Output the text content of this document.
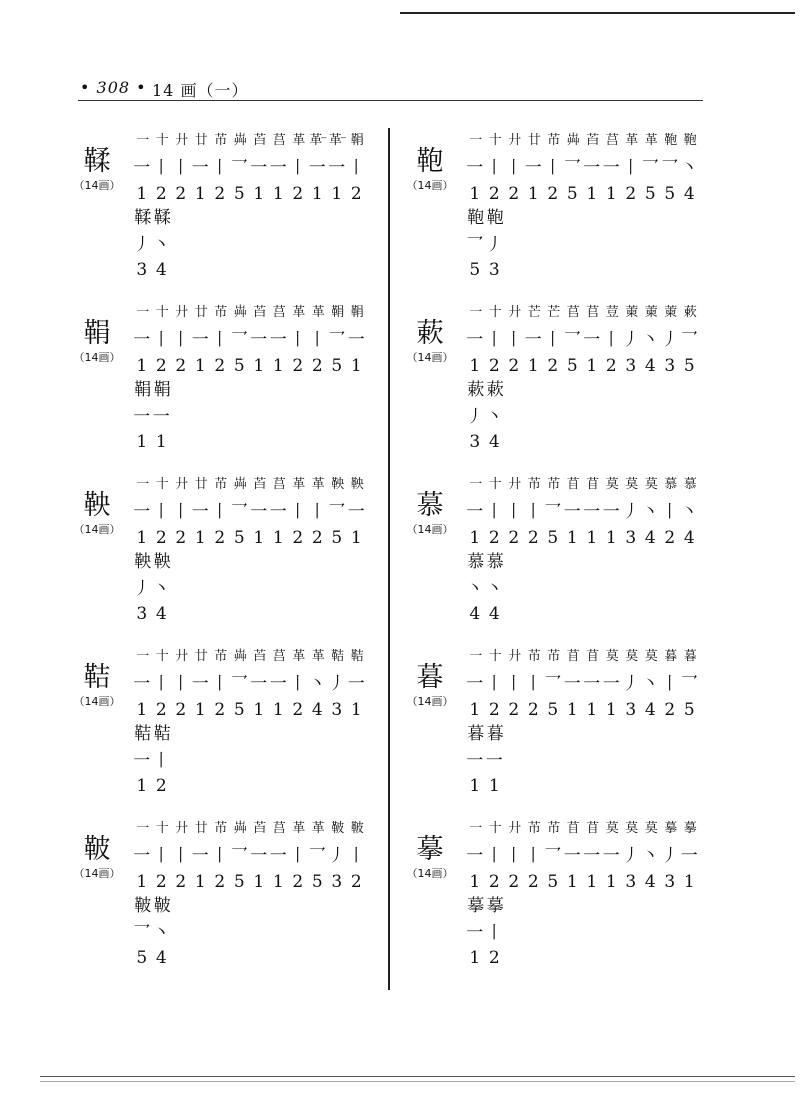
• 308 • 14 画（一）
鞣
（14画）
一 十 廾 廿 芇 芔 苩 莒 革 革⁻ 革⁻ 鞙
一 丨 丨 一 丨 乛 一 一 丨 一 一 丨
1 2 2 1 2 5 1 1 2 1 1 2
鞣 鞣
丿 丶
3 4
鞄
（14画）
一 十 廾 廿 芇 芔 苩 莒 革 革 鞄 鞄
一 丨 丨 一 丨 乛 一 一 丨 乛 乛 丶
1 2 2 1 2 5 1 1 2 5 5 4
鞄 鞄
乛 丿
5 3
鞙
（14画）
一 十 廾 廿 芇 芔 苩 莒 革 革 鞙 鞙
一 丨 丨 一 丨 乛 一 一 丨 丨 乛 一
1 2 2 1 2 5 1 1 2 2 5 1
鞙 鞙
一 一
1 1
蔌
（14画）
一 十 廾 芒 芒 苢 苢 荳 萰 萰 萰 蔌
一 丨 丨 一 丨 乛 一 丨 丿 丶 丿 乛
1 2 2 1 2 5 1 2 3 4 3 5
蔌 蔌
丿 丶
3 4
鞅
（14画）
一 十 廾 廿 芇 芔 苩 莒 革 革 鞅 鞅
一 丨 丨 一 丨 乛 一 一 丨 丨 乛 一
1 2 2 1 2 5 1 1 2 2 5 1
鞅 鞅
丿 丶
3 4
慕
（14画）
一 十 廾 芇 芇 苜 苜 莫 莫 莫 慕 慕
一 丨 丨 丨 乛 一 一 一 丿 丶 丨 丶
1 2 2 2 5 1 1 1 3 4 2 4
慕 慕
丶 丶
4 4
鞊
（14画）
一 十 廾 廿 芇 芔 苩 莒 革 革 鞊 鞊
一 丨 丨 一 丨 乛 一 一 丨 丶 丿 一
1 2 2 1 2 5 1 1 2 4 3 1
鞊 鞊
一 丨
1 2
暮
（14画）
一 十 廾 芇 芇 苜 苜 莫 莫 莫 暮 暮
一 丨 丨 丨 乛 一 一 一 丿 丶 丨 乛
1 2 2 2 5 1 1 1 3 4 2 5
暮 暮
一 一
1 1
鞁
（14画）
一 十 廾 廿 芇 芔 苩 莒 革 革 鞁 鞁
一 丨 丨 一 丨 乛 一 一 丨 乛 丿 丨
1 2 2 1 2 5 1 1 2 5 3 2
鞁 鞁
乛 丶
5 4
摹
（14画）
一 十 廾 芇 芇 苜 苜 莫 莫 莫 摹 摹
一 丨 丨 丨 乛 一 一 一 丿 丶 丿 一
1 2 2 2 5 1 1 1 3 4 3 1
摹 摹
一 丨
1 2
